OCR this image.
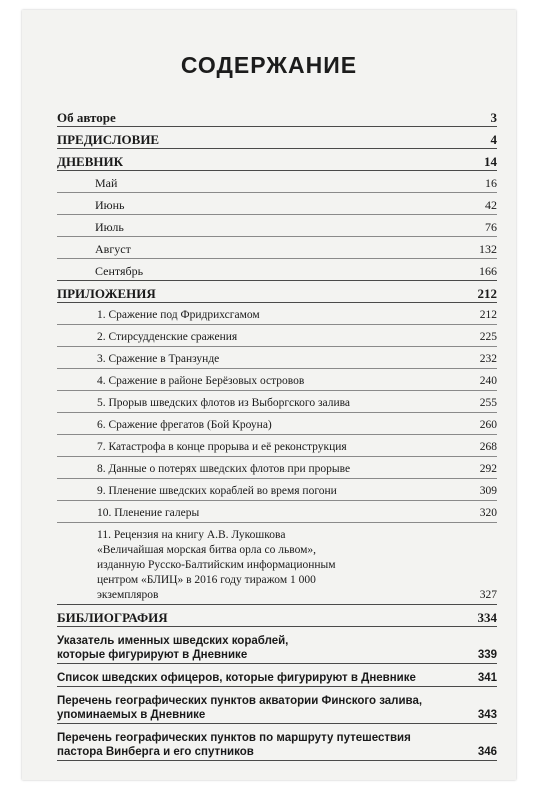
СОДЕРЖАНИЕ
Об авторе	3
ПРЕДИСЛОВИЕ	4
ДНЕВНИК	14
Май	16
Июнь	42
Июль	76
Август	132
Сентябрь	166
ПРИЛОЖЕНИЯ	212
1. Сражение под Фридрихсгамом	212
2. Стирсудденские сражения	225
3. Сражение в Транзунде	232
4. Сражение в районе Берёзовых островов	240
5. Прорыв шведских флотов из Выборгского залива	255
6. Сражение фрегатов (Бой Кроуна)	260
7. Катастрофа в конце прорыва и её реконструкция	268
8. Данные о потерях шведских флотов при прорыве	292
9. Пленение шведских кораблей во время погони	309
10. Пленение галеры	320
11. Рецензия на книгу А.В. Лукошкова «Величайшая морская битва орла со львом», изданную Русско-Балтийским информационным центром «БЛИЦ» в 2016 году тиражом 1 000 экземпляров	327
БИБЛИОГРАФИЯ	334
Указатель именных шведских кораблей, которые фигурируют в Дневнике	339
Список шведских офицеров, которые фигурируют в Дневнике	341
Перечень географических пунктов акватории Финского залива, упоминаемых в Дневнике	343
Перечень географических пунктов по маршруту путешествия пастора Винберга и его спутников	346
